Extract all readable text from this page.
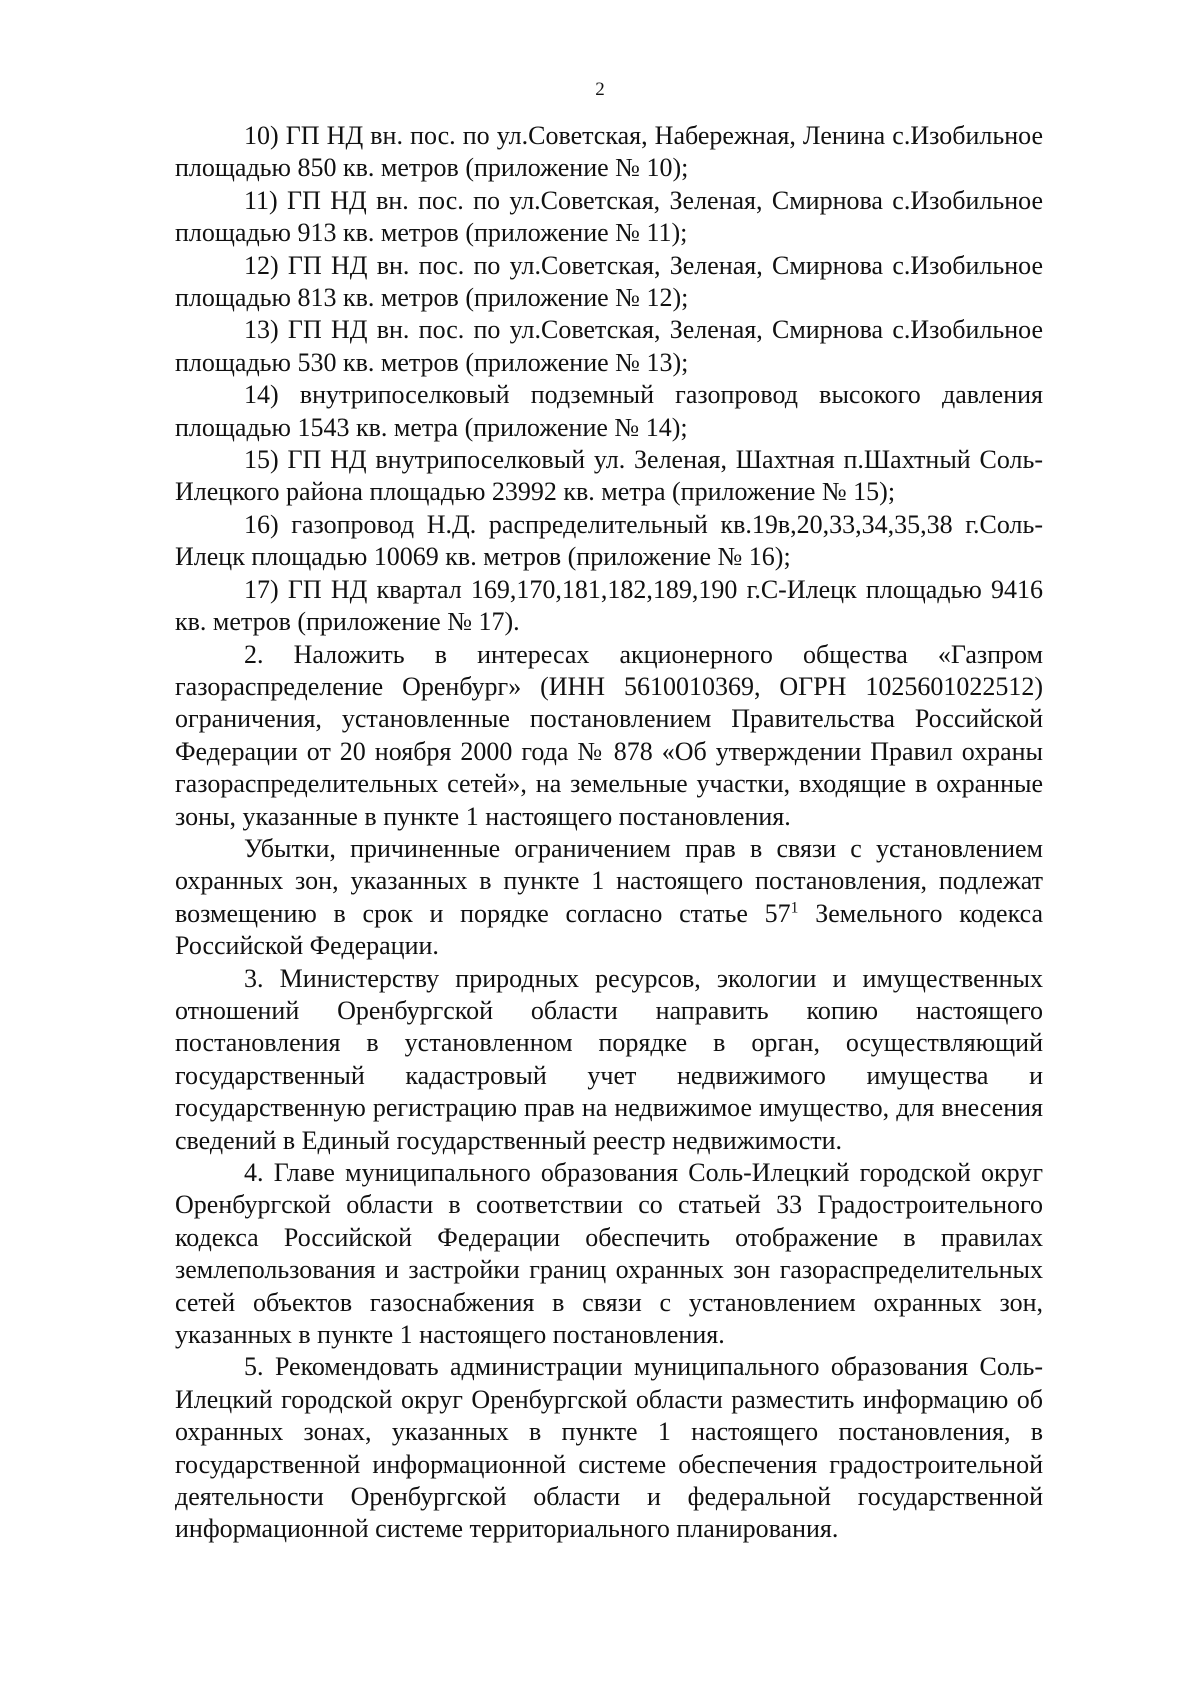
2

10) ГП НД вн. пос. по ул.Советская, Набережная, Ленина с.Изобильное площадью 850 кв. метров (приложение № 10);

11) ГП НД вн. пос. по ул.Советская, Зеленая, Смирнова с.Изобильное площадью 913 кв. метров (приложение № 11);

12) ГП НД вн. пос. по ул.Советская, Зеленая, Смирнова с.Изобильное площадью 813 кв. метров (приложение № 12);

13) ГП НД вн. пос. по ул.Советская, Зеленая, Смирнова с.Изобильное площадью 530 кв. метров (приложение № 13);

14) внутрипоселковый подземный газопровод высокого давления площадью 1543 кв. метра (приложение № 14);

15) ГП НД внутрипоселковый ул. Зеленая, Шахтная п.Шахтный Соль-Илецкого района площадью 23992 кв. метра (приложение № 15);

16) газопровод Н.Д. распределительный кв.19в,20,33,34,35,38 г.Соль-Илецк площадью 10069 кв. метров (приложение № 16);

17) ГП НД квартал 169,170,181,182,189,190 г.С-Илецк площадью 9416 кв. метров (приложение № 17).

2. Наложить в интересах акционерного общества «Газпром газораспределение Оренбург» (ИНН 5610010369, ОГРН 1025601022512) ограничения, установленные постановлением Правительства Российской Федерации от 20 ноября 2000 года № 878 «Об утверждении Правил охраны газораспределительных сетей», на земельные участки, входящие в охранные зоны, указанные в пункте 1 настоящего постановления.

Убытки, причиненные ограничением прав в связи с установлением охранных зон, указанных в пункте 1 настоящего постановления, подлежат возмещению в срок и порядке согласно статье $57^1$ Земельного кодекса Российской Федерации.

3. Министерству природных ресурсов, экологии и имущественных отношений Оренбургской области направить копию настоящего постановления в установленном порядке в орган, осуществляющий государственный кадастровый учет недвижимого имущества и государственную регистрацию прав на недвижимое имущество, для внесения сведений в Единый государственный реестр недвижимости.

4. Главе муниципального образования Соль-Илецкий городской округ Оренбургской области в соответствии со статьей 33 Градостроительного кодекса Российской Федерации обеспечить отображение в правилах землепользования и застройки границ охранных зон газораспределительных сетей объектов газоснабжения в связи с установлением охранных зон, указанных в пункте 1 настоящего постановления.

5. Рекомендовать администрации муниципального образования Соль-Илецкий городской округ Оренбургской области разместить информацию об охранных зонах, указанных в пункте 1 настоящего постановления, в государственной информационной системе обеспечения градостроительной деятельности Оренбургской области и федеральной государственной информационной системе территориального планирования.
